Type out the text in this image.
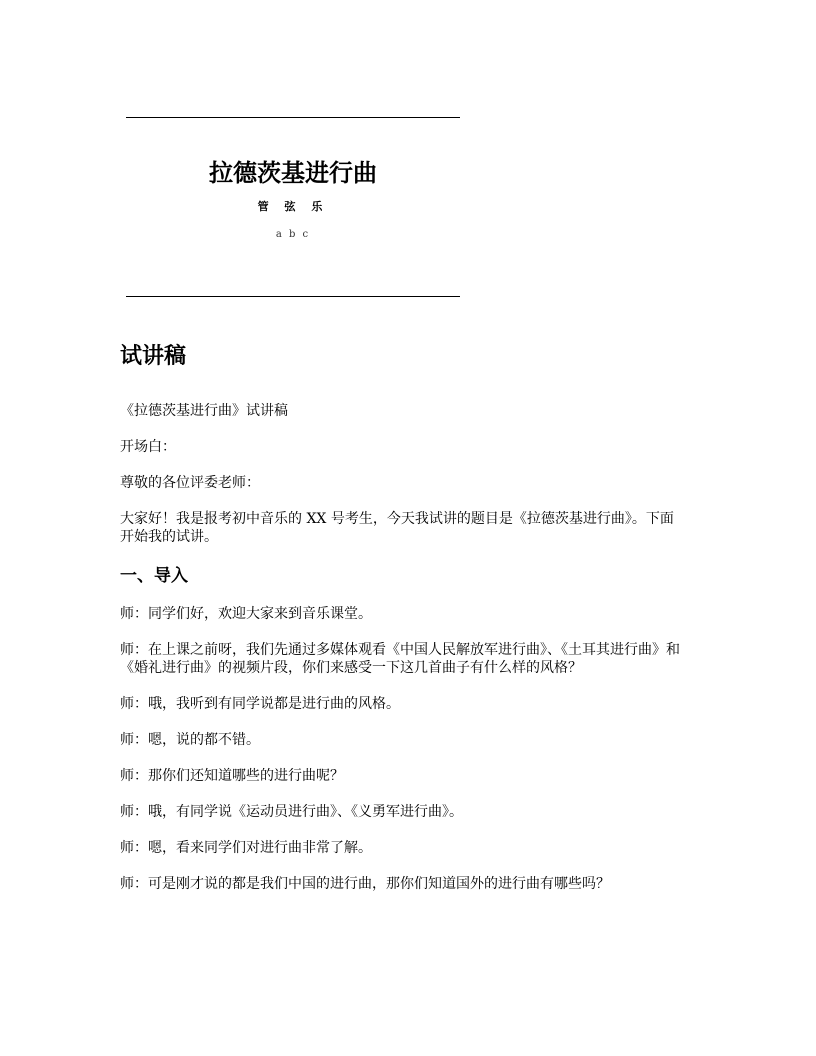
拉德茨基进行曲
管 弦 乐
a b c
试讲稿

《拉德茨基进行曲》试讲稿

开场白：

尊敬的各位评委老师：

大家好！我是报考初中音乐的 XX 号考生，今天我试讲的题目是《拉德茨基进行曲》。下面开始我的试讲。

一、导入

师：同学们好，欢迎大家来到音乐课堂。

师：在上课之前呀，我们先通过多媒体观看《中国人民解放军进行曲》、《土耳其进行曲》和《婚礼进行曲》的视频片段，你们来感受一下这几首曲子有什么样的风格？

师：哦，我听到有同学说都是进行曲的风格。

师：嗯，说的都不错。

师：那你们还知道哪些的进行曲呢？

师：哦，有同学说《运动员进行曲》、《义勇军进行曲》。

师：嗯，看来同学们对进行曲非常了解。

师：可是刚才说的都是我们中国的进行曲，那你们知道国外的进行曲有哪些吗？
